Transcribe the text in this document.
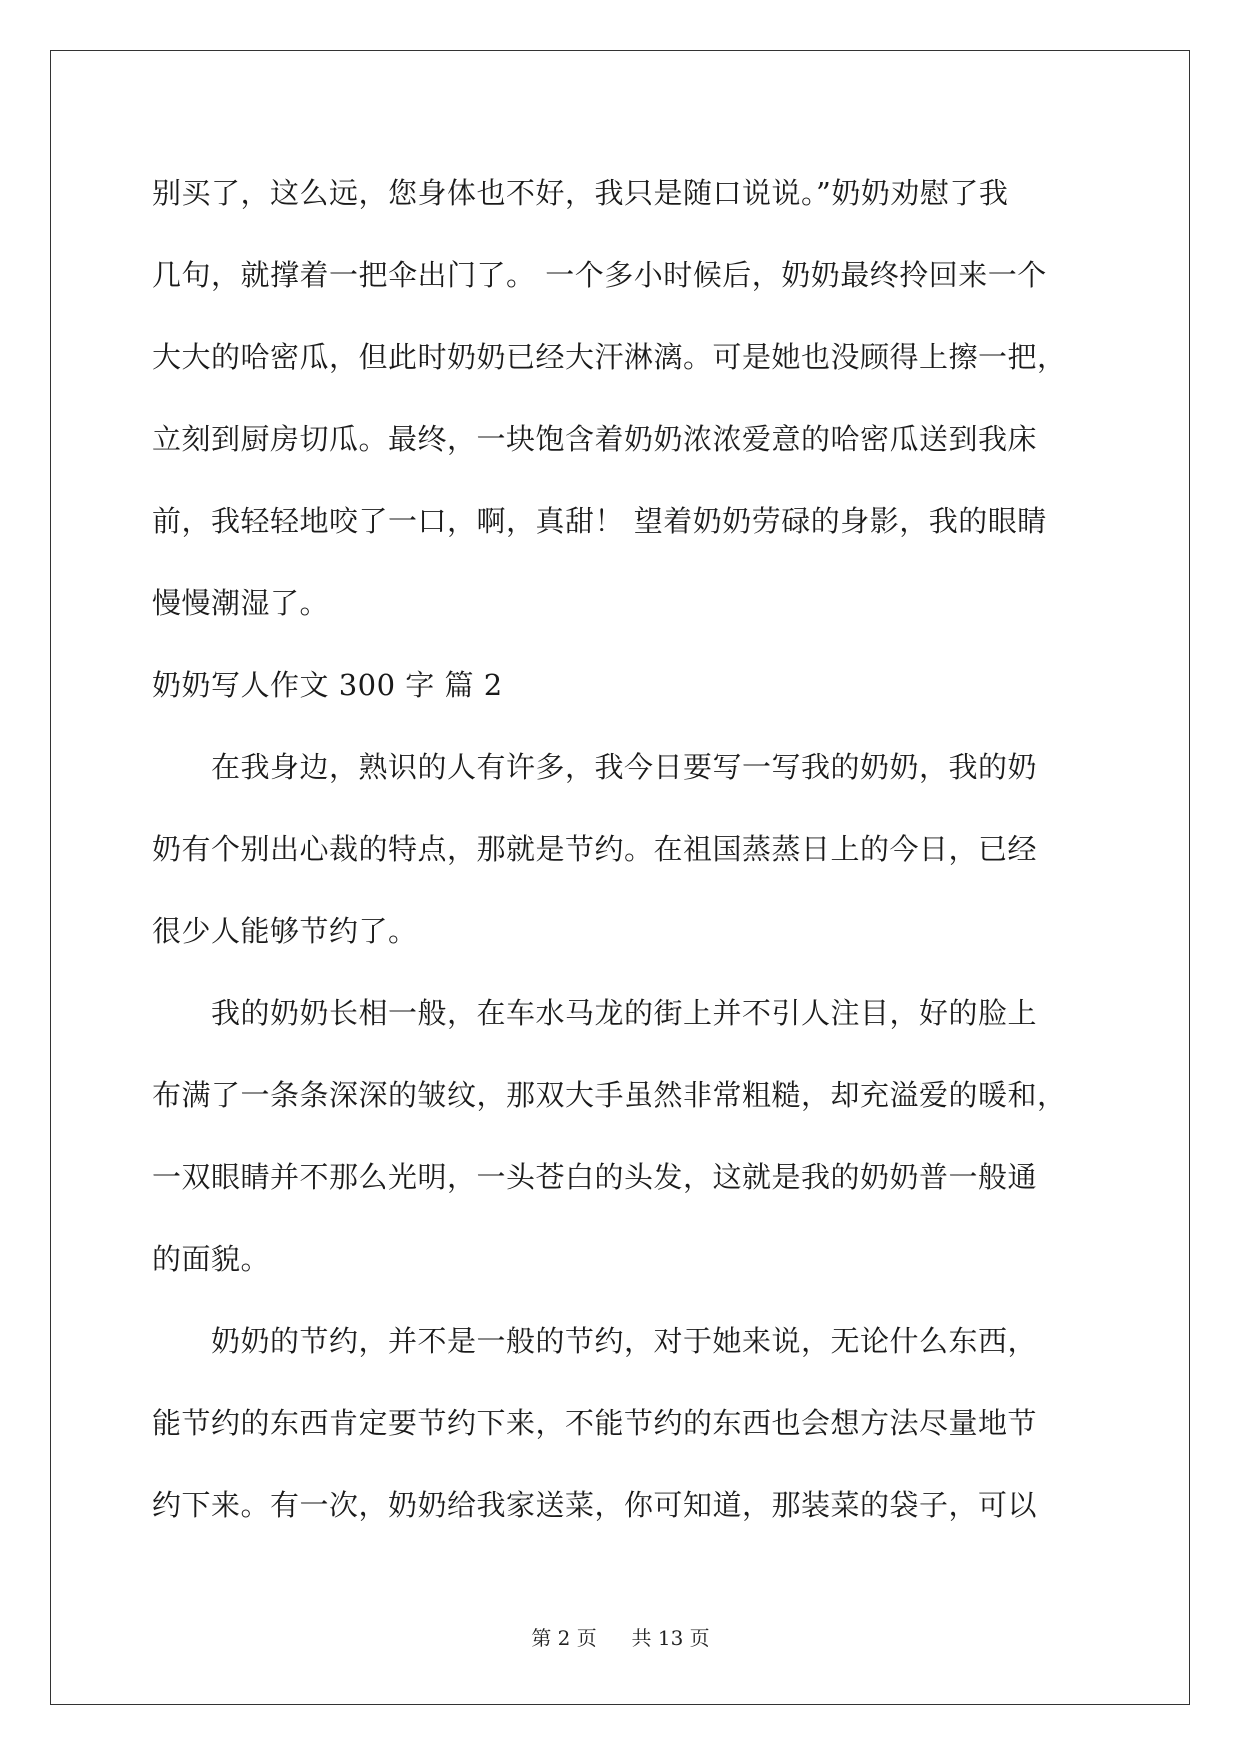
别买了，这么远，您身体也不好，我只是随口说说。”奶奶劝慰了我
几句，就撑着一把伞出门了。 一个多小时候后，奶奶最终拎回来一个
大大的哈密瓜，但此时奶奶已经大汗淋漓。可是她也没顾得上擦一把，
立刻到厨房切瓜。最终，一块饱含着奶奶浓浓爱意的哈密瓜送到我床
前，我轻轻地咬了一口，啊，真甜！ 望着奶奶劳碌的身影，我的眼睛
慢慢潮湿了。
奶奶写人作文 300 字 篇 2
　　在我身边，熟识的人有许多，我今日要写一写我的奶奶，我的奶
奶有个别出心裁的特点，那就是节约。在祖国蒸蒸日上的今日，已经
很少人能够节约了。
　　我的奶奶长相一般，在车水马龙的街上并不引人注目，好的脸上
布满了一条条深深的皱纹，那双大手虽然非常粗糙，却充溢爱的暖和，
一双眼睛并不那么光明，一头苍白的头发，这就是我的奶奶普一般通
的面貌。
　　奶奶的节约，并不是一般的节约，对于她来说，无论什么东西，
能节约的东西肯定要节约下来，不能节约的东西也会想方法尽量地节
约下来。有一次，奶奶给我家送菜，你可知道，那装菜的袋子，可以
第 2 页 共 13 页
